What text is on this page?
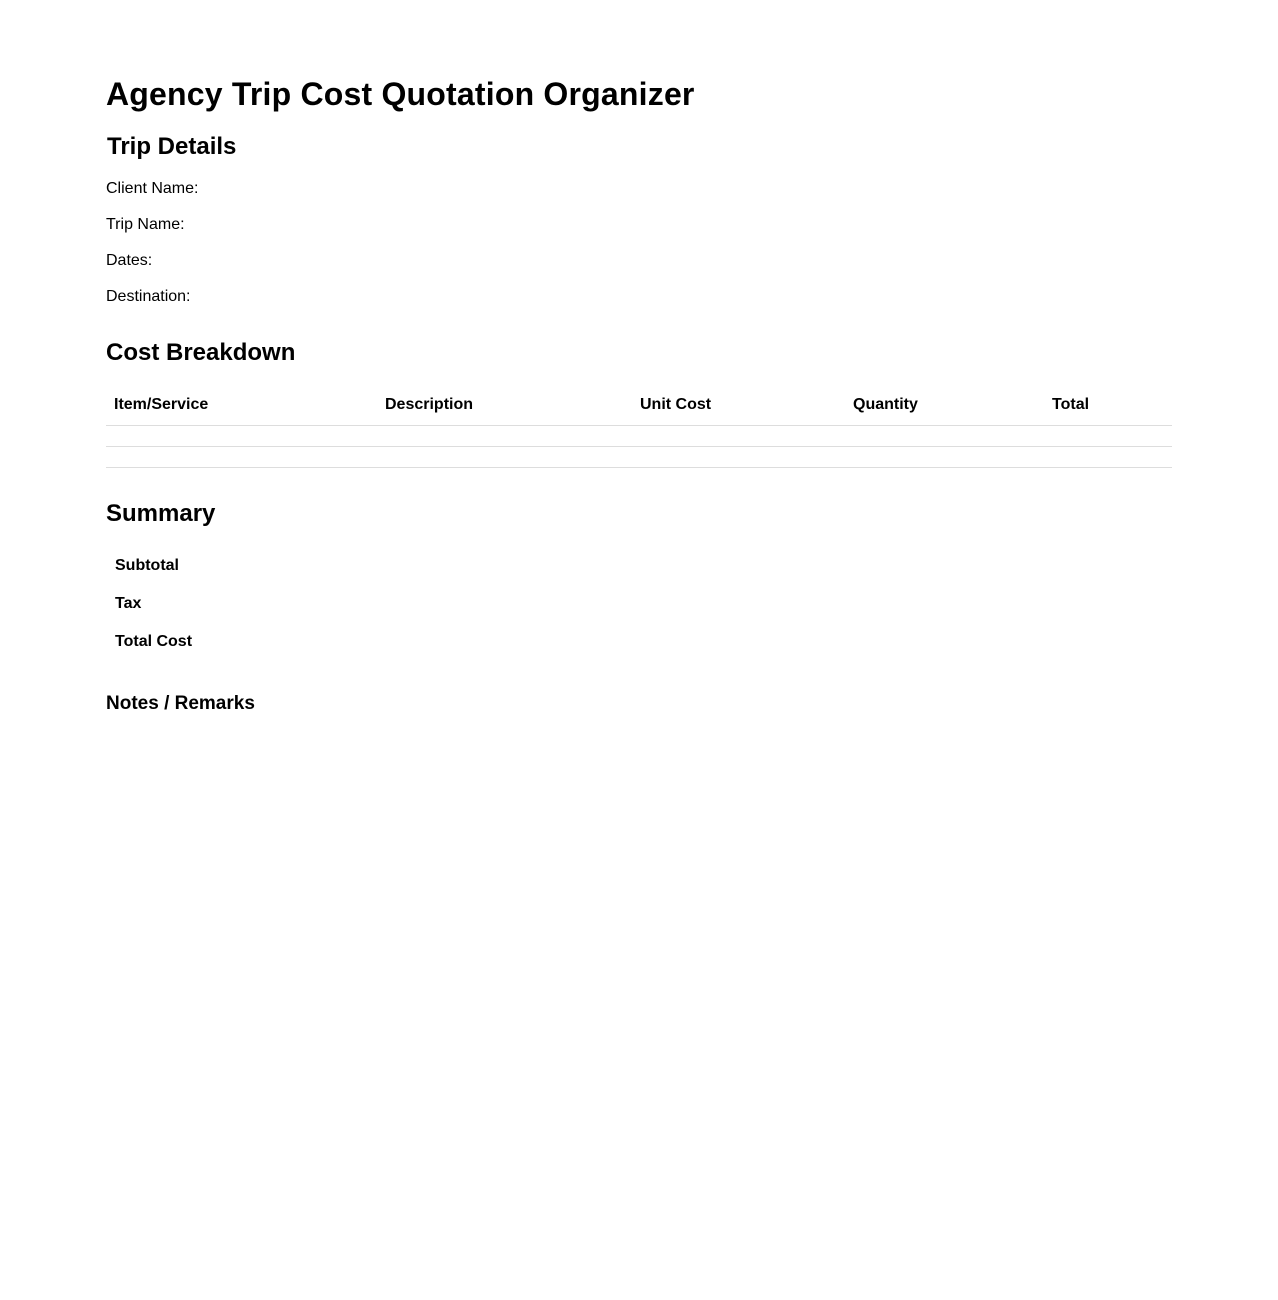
Agency Trip Cost Quotation Organizer
Trip Details
Client Name:
Trip Name:
Dates:
Destination:
Cost Breakdown
Item/Service	Description	Unit Cost	Quantity	Total
Summary
Subtotal
Tax
Total Cost
Notes / Remarks
